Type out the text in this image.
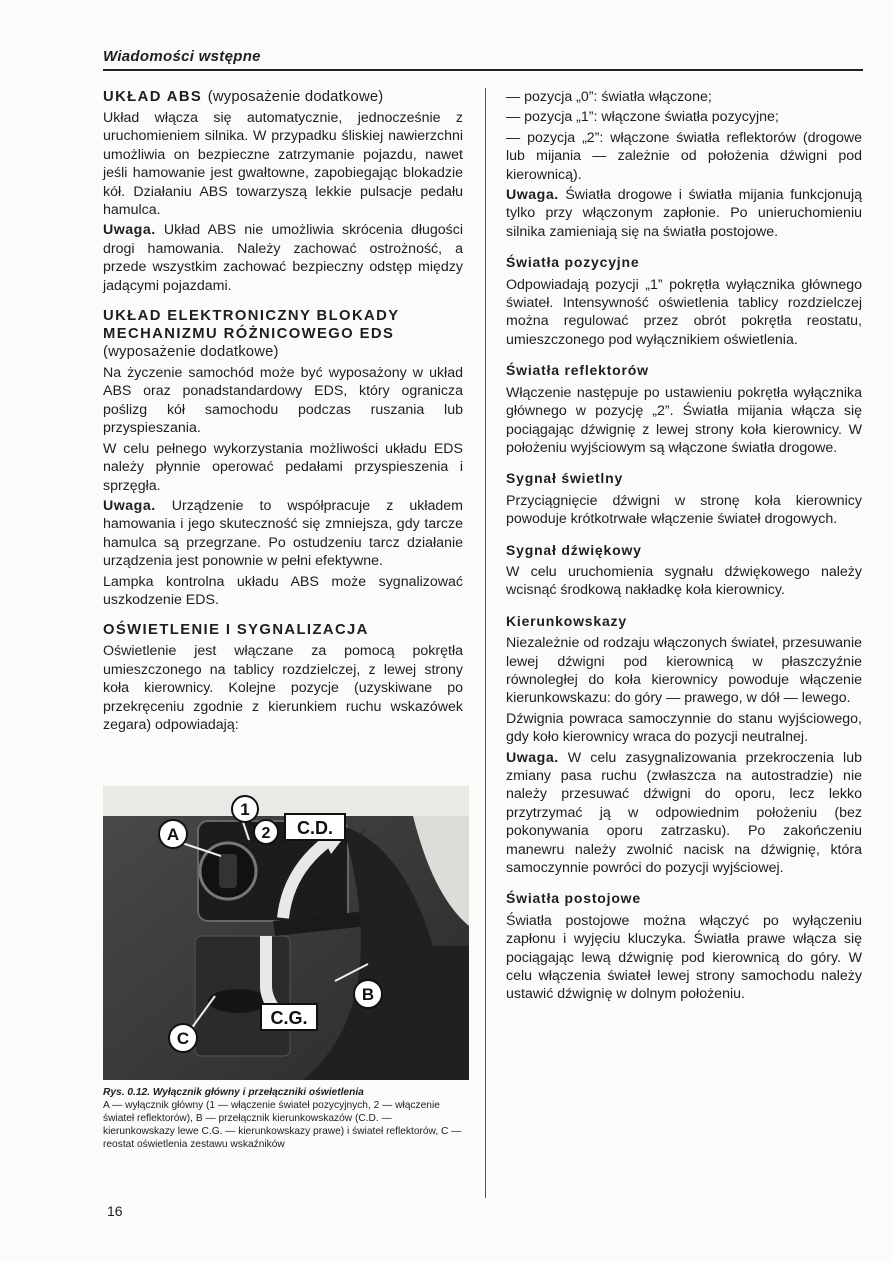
Wiadomości wstępne
UKŁAD ABS (wyposażenie dodatkowe)

Układ włącza się automatycznie, jednocześnie z uruchomieniem silnika. W przypadku śliskiej nawierzchni umożliwia on bezpieczne zatrzymanie pojazdu, nawet jeśli hamowanie jest gwałtowne, zapobiegając blokadzie kół. Działaniu ABS towarzyszą lekkie pulsacje pedału hamulca.

Uwaga. Układ ABS nie umożliwia skrócenia długości drogi hamowania. Należy zachować ostrożność, a przede wszystkim zachować bezpieczny odstęp między jadącymi pojazdami.

UKŁAD ELEKTRONICZNY BLOKADY
MECHANIZMU RÓŻNICOWEGO EDS
(wyposażenie dodatkowe)

Na życzenie samochód może być wyposażony w układ ABS oraz ponadstandardowy EDS, który ogranicza poślizg kół samochodu podczas ruszania lub przyspieszania.

W celu pełnego wykorzystania możliwości układu EDS należy płynnie operować pedałami przyspieszenia i sprzęgła.

Uwaga. Urządzenie to współpracuje z układem hamowania i jego skuteczność się zmniejsza, gdy tarcze hamulca są przegrzane. Po ostudzeniu tarcz działanie urządzenia jest ponownie w pełni efektywne.

Lampka kontrolna układu ABS może sygnalizować uszkodzenie EDS.

OŚWIETLENIE I SYGNALIZACJA

Oświetlenie jest włączane za pomocą pokrętła umieszczonego na tablicy rozdzielczej, z lewej strony koła kierownicy. Kolejne pozycje (uzyskiwane po przekręceniu zgodnie z kierunkiem ruchu wskazówek zegara) odpowiadają:

A
1
2 C.D.
C.G.
B
C
Rys. 0.12. Wyłącznik główny i przełączniki oświetlenia
A — wyłącznik główny (1 — włączenie świateł pozycyjnych, 2 — włączenie świateł reflektorów), B — przełącznik kierunkowskazów (C.D. — kierunkowskazy lewe C.G. — kierunkowskazy prawe) i świateł reflektorów, C — reostat oświetlenia zestawu wskaźników

— pozycja „0”: światła włączone;

— pozycja „1”: włączone światła pozycyjne;

— pozycja „2”: włączone światła reflektorów (drogowe lub mijania — zależnie od położenia dźwigni pod kierownicą).

Uwaga. Światła drogowe i światła mijania funkcjonują tylko przy włączonym zapłonie. Po unieruchomieniu silnika zamieniają się na światła postojowe.

Światła pozycyjne

Odpowiadają pozycji „1” pokrętła wyłącznika głównego świateł. Intensywność oświetlenia tablicy rozdzielczej można regulować przez obrót pokrętła reostatu, umieszczonego pod wyłącznikiem oświetlenia.

Światła reflektorów

Włączenie następuje po ustawieniu pokrętła wyłącznika głównego w pozycję „2”. Światła mijania włącza się pociągając dźwignię z lewej strony koła kierownicy. W położeniu wyjściowym są włączone światła drogowe.

Sygnał świetlny

Przyciągnięcie dźwigni w stronę koła kierownicy powoduje krótkotrwałe włączenie świateł drogowych.

Sygnał dźwiękowy

W celu uruchomienia sygnału dźwiękowego należy wcisnąć środkową nakładkę koła kierownicy.

Kierunkowskazy

Niezależnie od rodzaju włączonych świateł, przesuwanie lewej dźwigni pod kierownicą w płaszczyźnie równoległej do koła kierownicy powoduje włączenie kierunkowskazu: do góry — prawego, w dół — lewego.

Dźwignia powraca samoczynnie do stanu wyjściowego, gdy koło kierownicy wraca do pozycji neutralnej.

Uwaga. W celu zasygnalizowania przekroczenia lub zmiany pasa ruchu (zwłaszcza na autostradzie) nie należy przesuwać dźwigni do oporu, lecz lekko przytrzymać ją w odpowiednim położeniu (bez pokonywania oporu zatrzasku). Po zakończeniu manewru należy zwolnić nacisk na dźwignię, która samoczynnie powróci do pozycji wyjściowej.

Światła postojowe

Światła postojowe można włączyć po wyłączeniu zapłonu i wyjęciu kluczyka. Światła prawe włącza się pociągając lewą dźwignię pod kierownicą do góry. W celu włączenia świateł lewej strony samochodu należy ustawić dźwignię w dolnym położeniu.

16
